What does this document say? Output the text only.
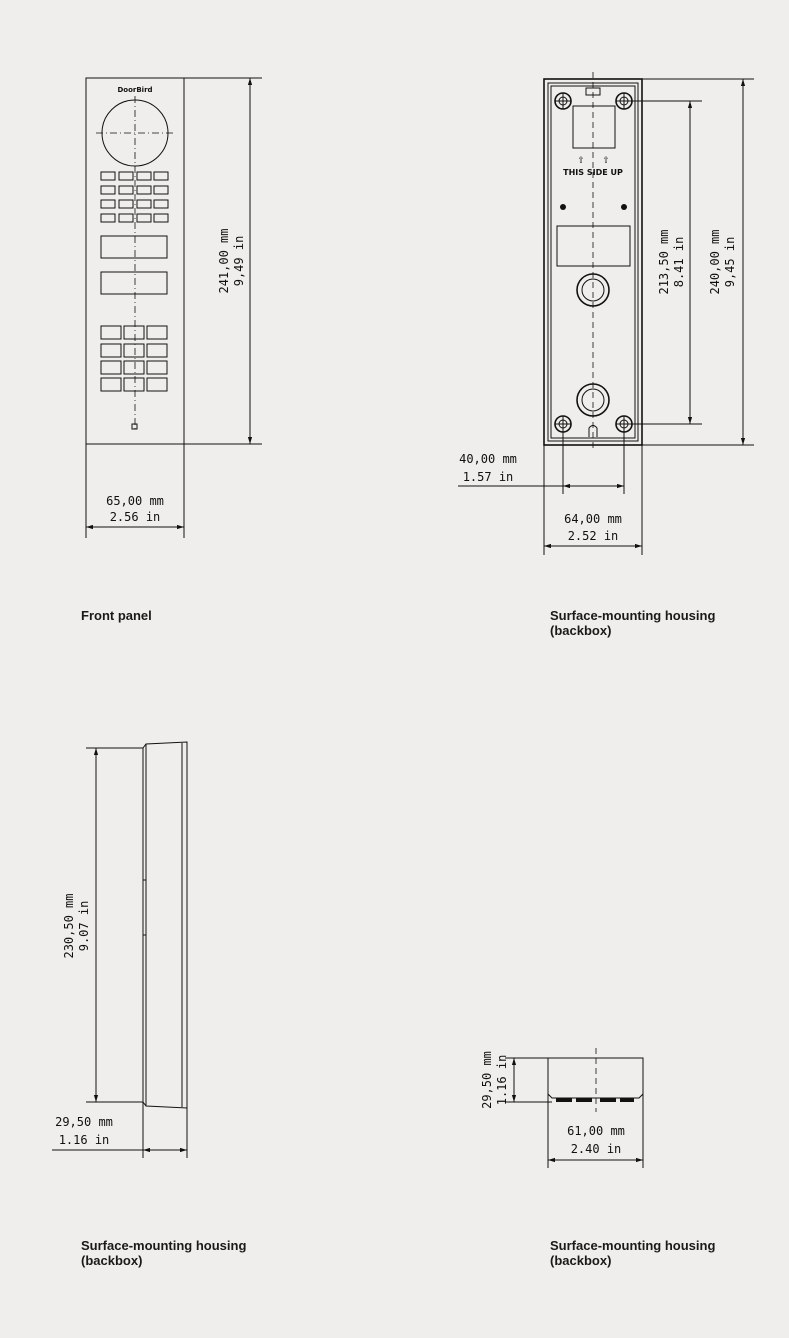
DoorBird
241,00 mm 9,49 in
65,00 mm
2.56 in
⇧ ⇧
THIS SIDE UP
213,50 mm 8.41 in 240,00 mm 9,45 in
40,00 mm
1.57 in
64,00 mm
2.52 in
230,50 mm 9.07 in
29,50 mm
1.16 in
29,50 mm 1.16 in
61,00 mm
2.40 in
Front panel	Surface-mounting housing
(backbox)
Surface-mounting housing
(backbox)
Surface-mounting housing
(backbox)
